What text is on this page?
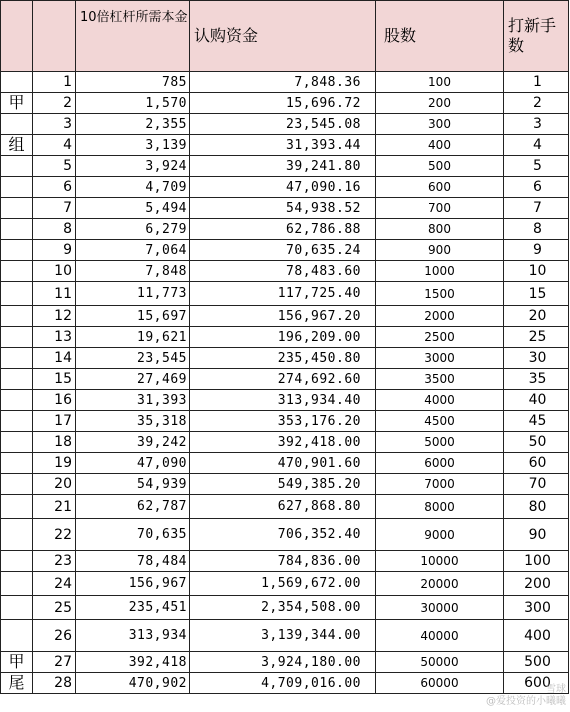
		10倍杠杆所需本金	认购资金	股数	打新手数
	1	785	7,848.36	100	1
甲	2	1,570	15,696.72	200	2
	3	2,355	23,545.08	300	3
组	4	3,139	31,393.44	400	4
	5	3,924	39,241.80	500	5
	6	4,709	47,090.16	600	6
	7	5,494	54,938.52	700	7
	8	6,279	62,786.88	800	8
	9	7,064	70,635.24	900	9
	10	7,848	78,483.60	1000	10
	11	11,773	117,725.40	1500	15
	12	15,697	156,967.20	2000	20
	13	19,621	196,209.00	2500	25
	14	23,545	235,450.80	3000	30
	15	27,469	274,692.60	3500	35
	16	31,393	313,934.40	4000	40
	17	35,318	353,176.20	4500	45
	18	39,242	392,418.00	5000	50
	19	47,090	470,901.60	6000	60
	20	54,939	549,385.20	7000	70
	21	62,787	627,868.80	8000	80
	22	70,635	706,352.40	9000	90
	23	78,484	784,836.00	10000	100
	24	156,967	1,569,672.00	20000	200
	25	235,451	2,354,508.00	30000	300
	26	313,934	3,139,344.00	40000	400
甲	27	392,418	3,924,180.00	50000	500
尾	28	470,902	4,709,016.00	60000	600
雪球
@爱投资的小曦曦
